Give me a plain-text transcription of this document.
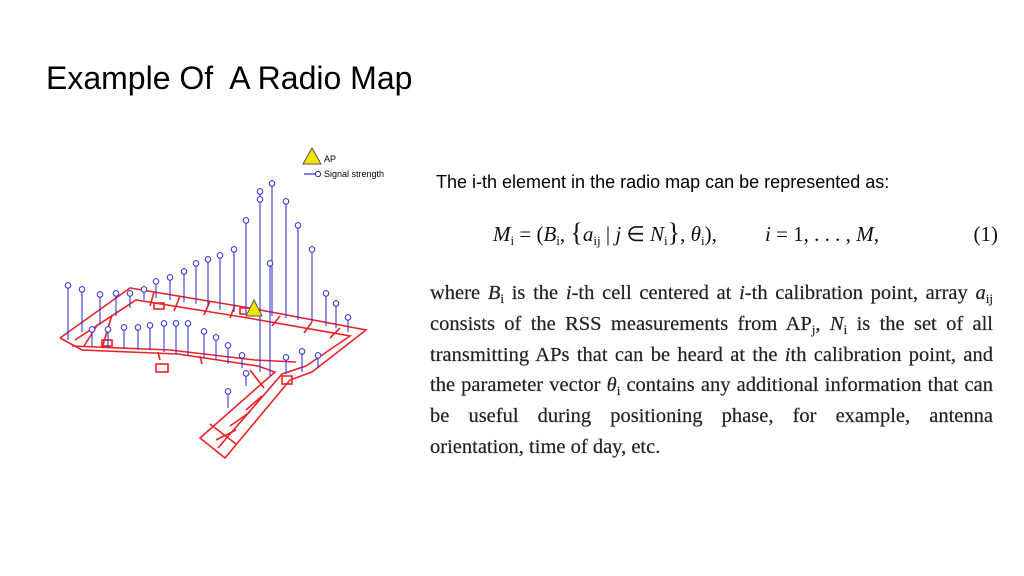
Example Of  A Radio Map
AP
Signal strength	The i-th element in the radio map can be represented as:
$M_i = (B_i$, {$a_{ij}$ | j ∈ $N_i$}, $\theta_i$), i = 1, . . . , M,	(1)
where $B_i$ is the i-th cell centered at i-th calibration point, array $a_{ij}$ consists of the RSS measurements from $AP_j$, $N_i$ is the set of all transmitting APs that can be heard at the ith calibration point, and the parameter vector $\theta_i$ contains any additional information that can be useful during positioning phase, for example, antenna orientation, time of day, etc.
